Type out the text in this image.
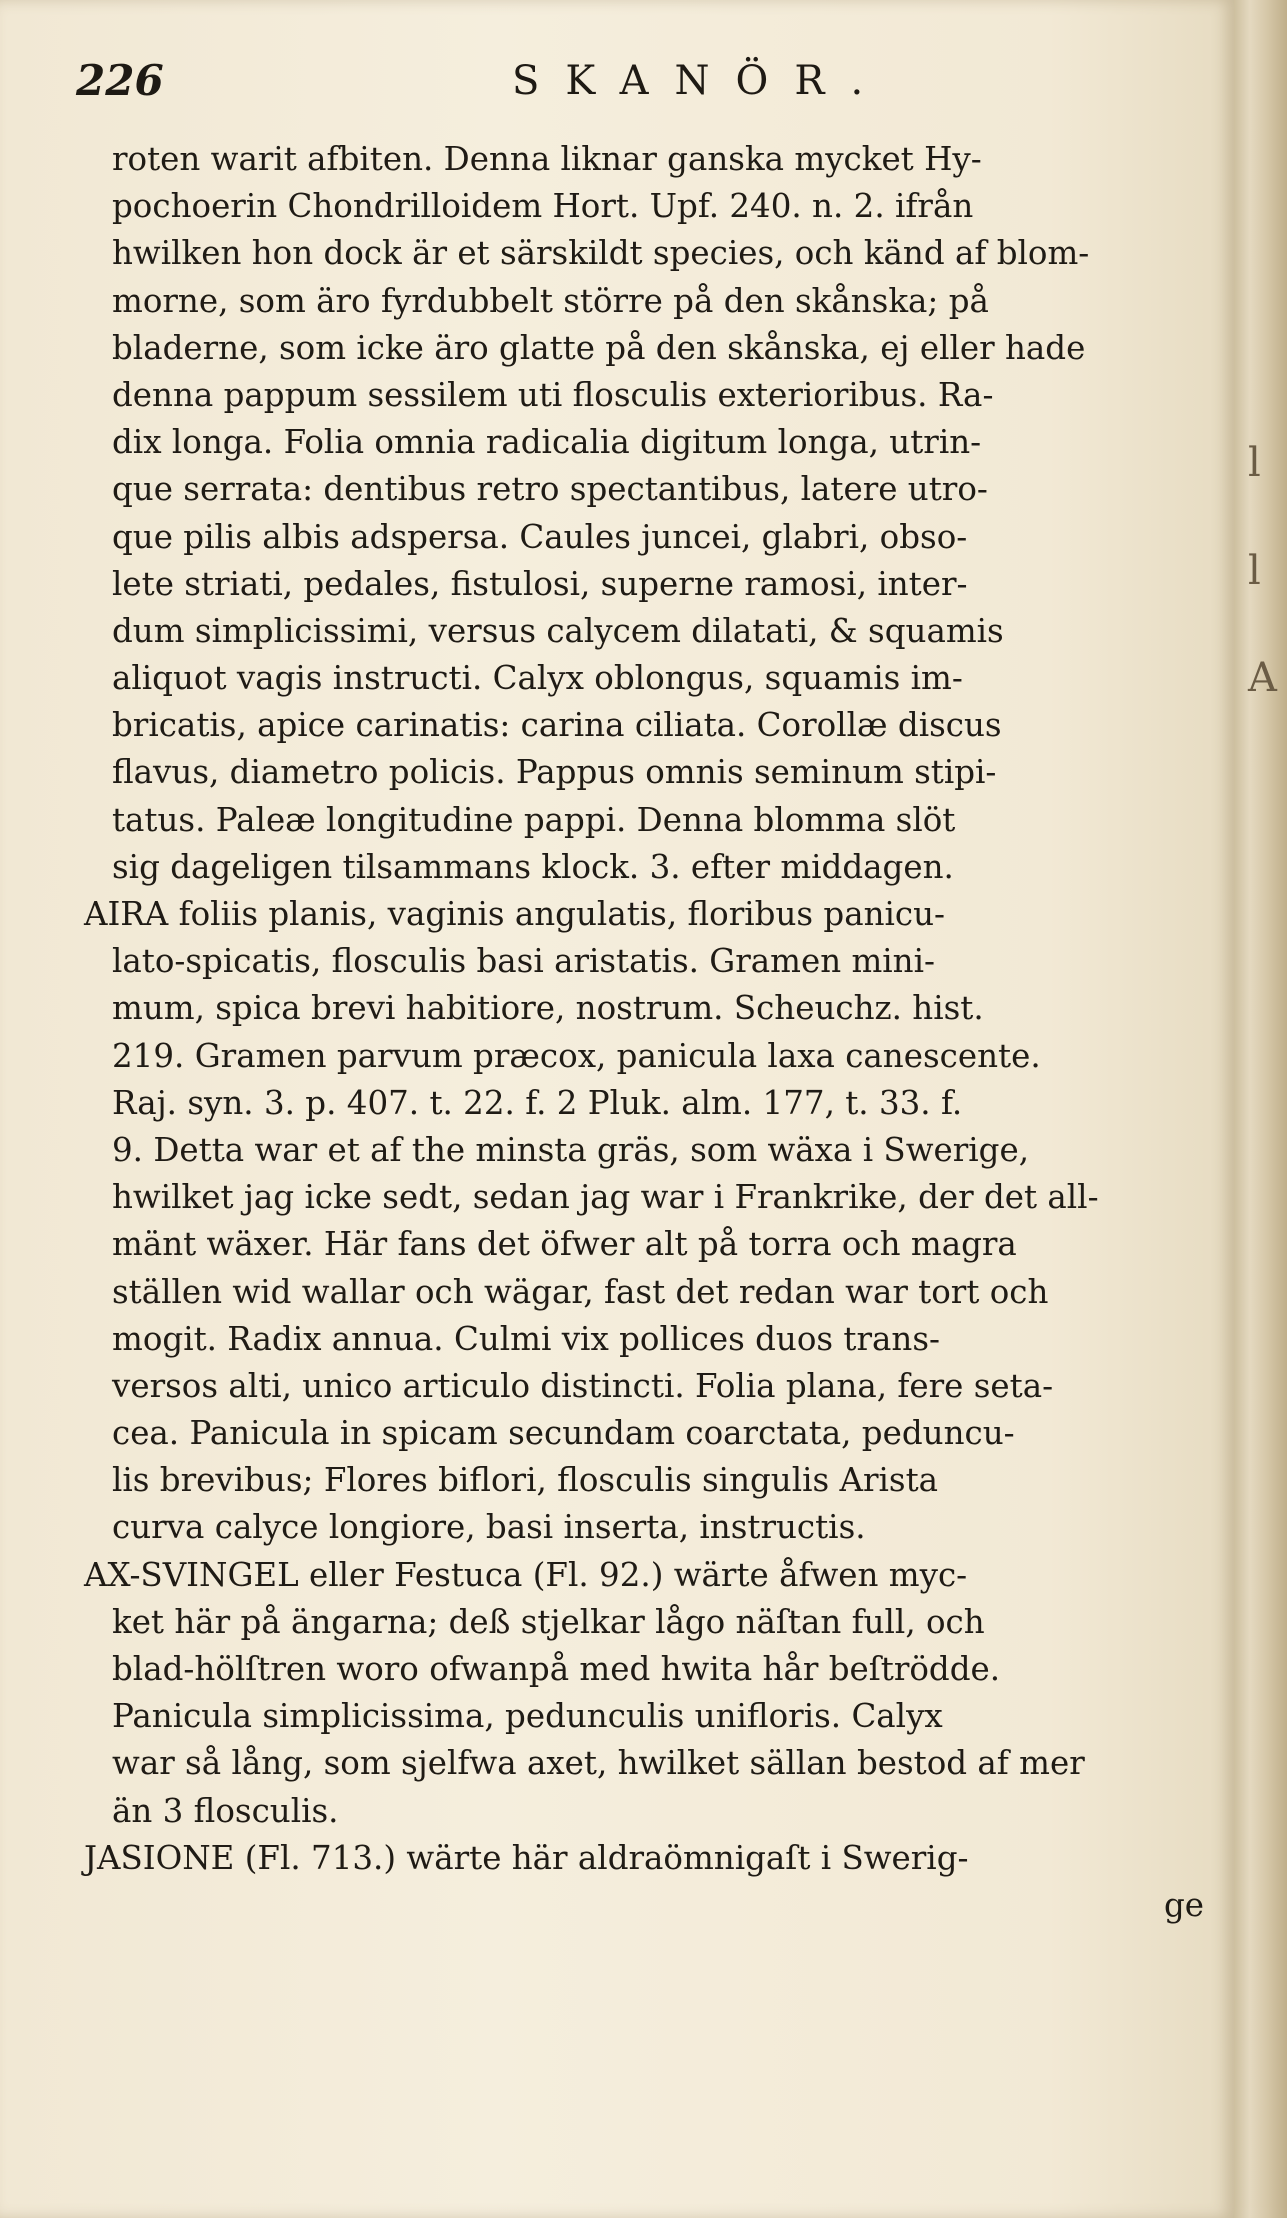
226	SKANÖR.
roten warit afbiten. Denna liknar ganska mycket Hy-
pochoerin Chondrilloidem Hort. Upf. 240. n. 2. ifrån
hwilken hon dock är et särskildt species, och känd af blom-
morne, som äro fyrdubbelt större på den skånska; på
bladerne, som icke äro glatte på den skånska, ej eller hade
denna pappum sessilem uti flosculis exterioribus. Ra-
dix longa. Folia omnia radicalia digitum longa, utrin-
que serrata: dentibus retro spectantibus, latere utro-
que pilis albis adspersa. Caules juncei, glabri, obso-
lete striati, pedales, fistulosi, superne ramosi, inter-
dum simplicissimi, versus calycem dilatati, & squamis
aliquot vagis instructi. Calyx oblongus, squamis im-
bricatis, apice carinatis: carina ciliata. Corollæ discus
flavus, diametro policis. Pappus omnis seminum stipi-
tatus. Paleæ longitudine pappi. Denna blomma slöt
sig dageligen tilsammans klock. 3. efter middagen.
AIRA foliis planis, vaginis angulatis, floribus panicu-
lato-spicatis, flosculis basi aristatis. Gramen mini-
mum, spica brevi habitiore, nostrum. Scheuchz. hist.
219. Gramen parvum præcox, panicula laxa canescente.
Raj. syn. 3. p. 407. t. 22. f. 2 Pluk. alm. 177, t. 33. f.
9. Detta war et af the minsta gräs, som wäxa i Swerige,
hwilket jag icke sedt, sedan jag war i Frankrike, der det all-
mänt wäxer. Här fans det öfwer alt på torra och magra
ställen wid wallar och wägar, fast det redan war tort och
mogit. Radix annua. Culmi vix pollices duos trans-
versos alti, unico articulo distincti. Folia plana, fere seta-
cea. Panicula in spicam secundam coarctata, peduncu-
lis brevibus; Flores biflori, flosculis singulis Arista
curva calyce longiore, basi inserta, instructis.
AX-SVINGEL eller Festuca (Fl. 92.) wärte åfwen myc-
ket här på ängarna; deß stjelkar lågo näſtan full, och
blad-hölſtren woro ofwanpå med hwita hår beſtrödde.
Panicula simplicissima, pedunculis unifloris. Calyx
war så lång, som sjelfwa axet, hwilket sällan bestod af mer
än 3 flosculis.
JASIONE (Fl. 713.) wärte här aldraömnigaſt i Swerig-
ge
l
l
A
